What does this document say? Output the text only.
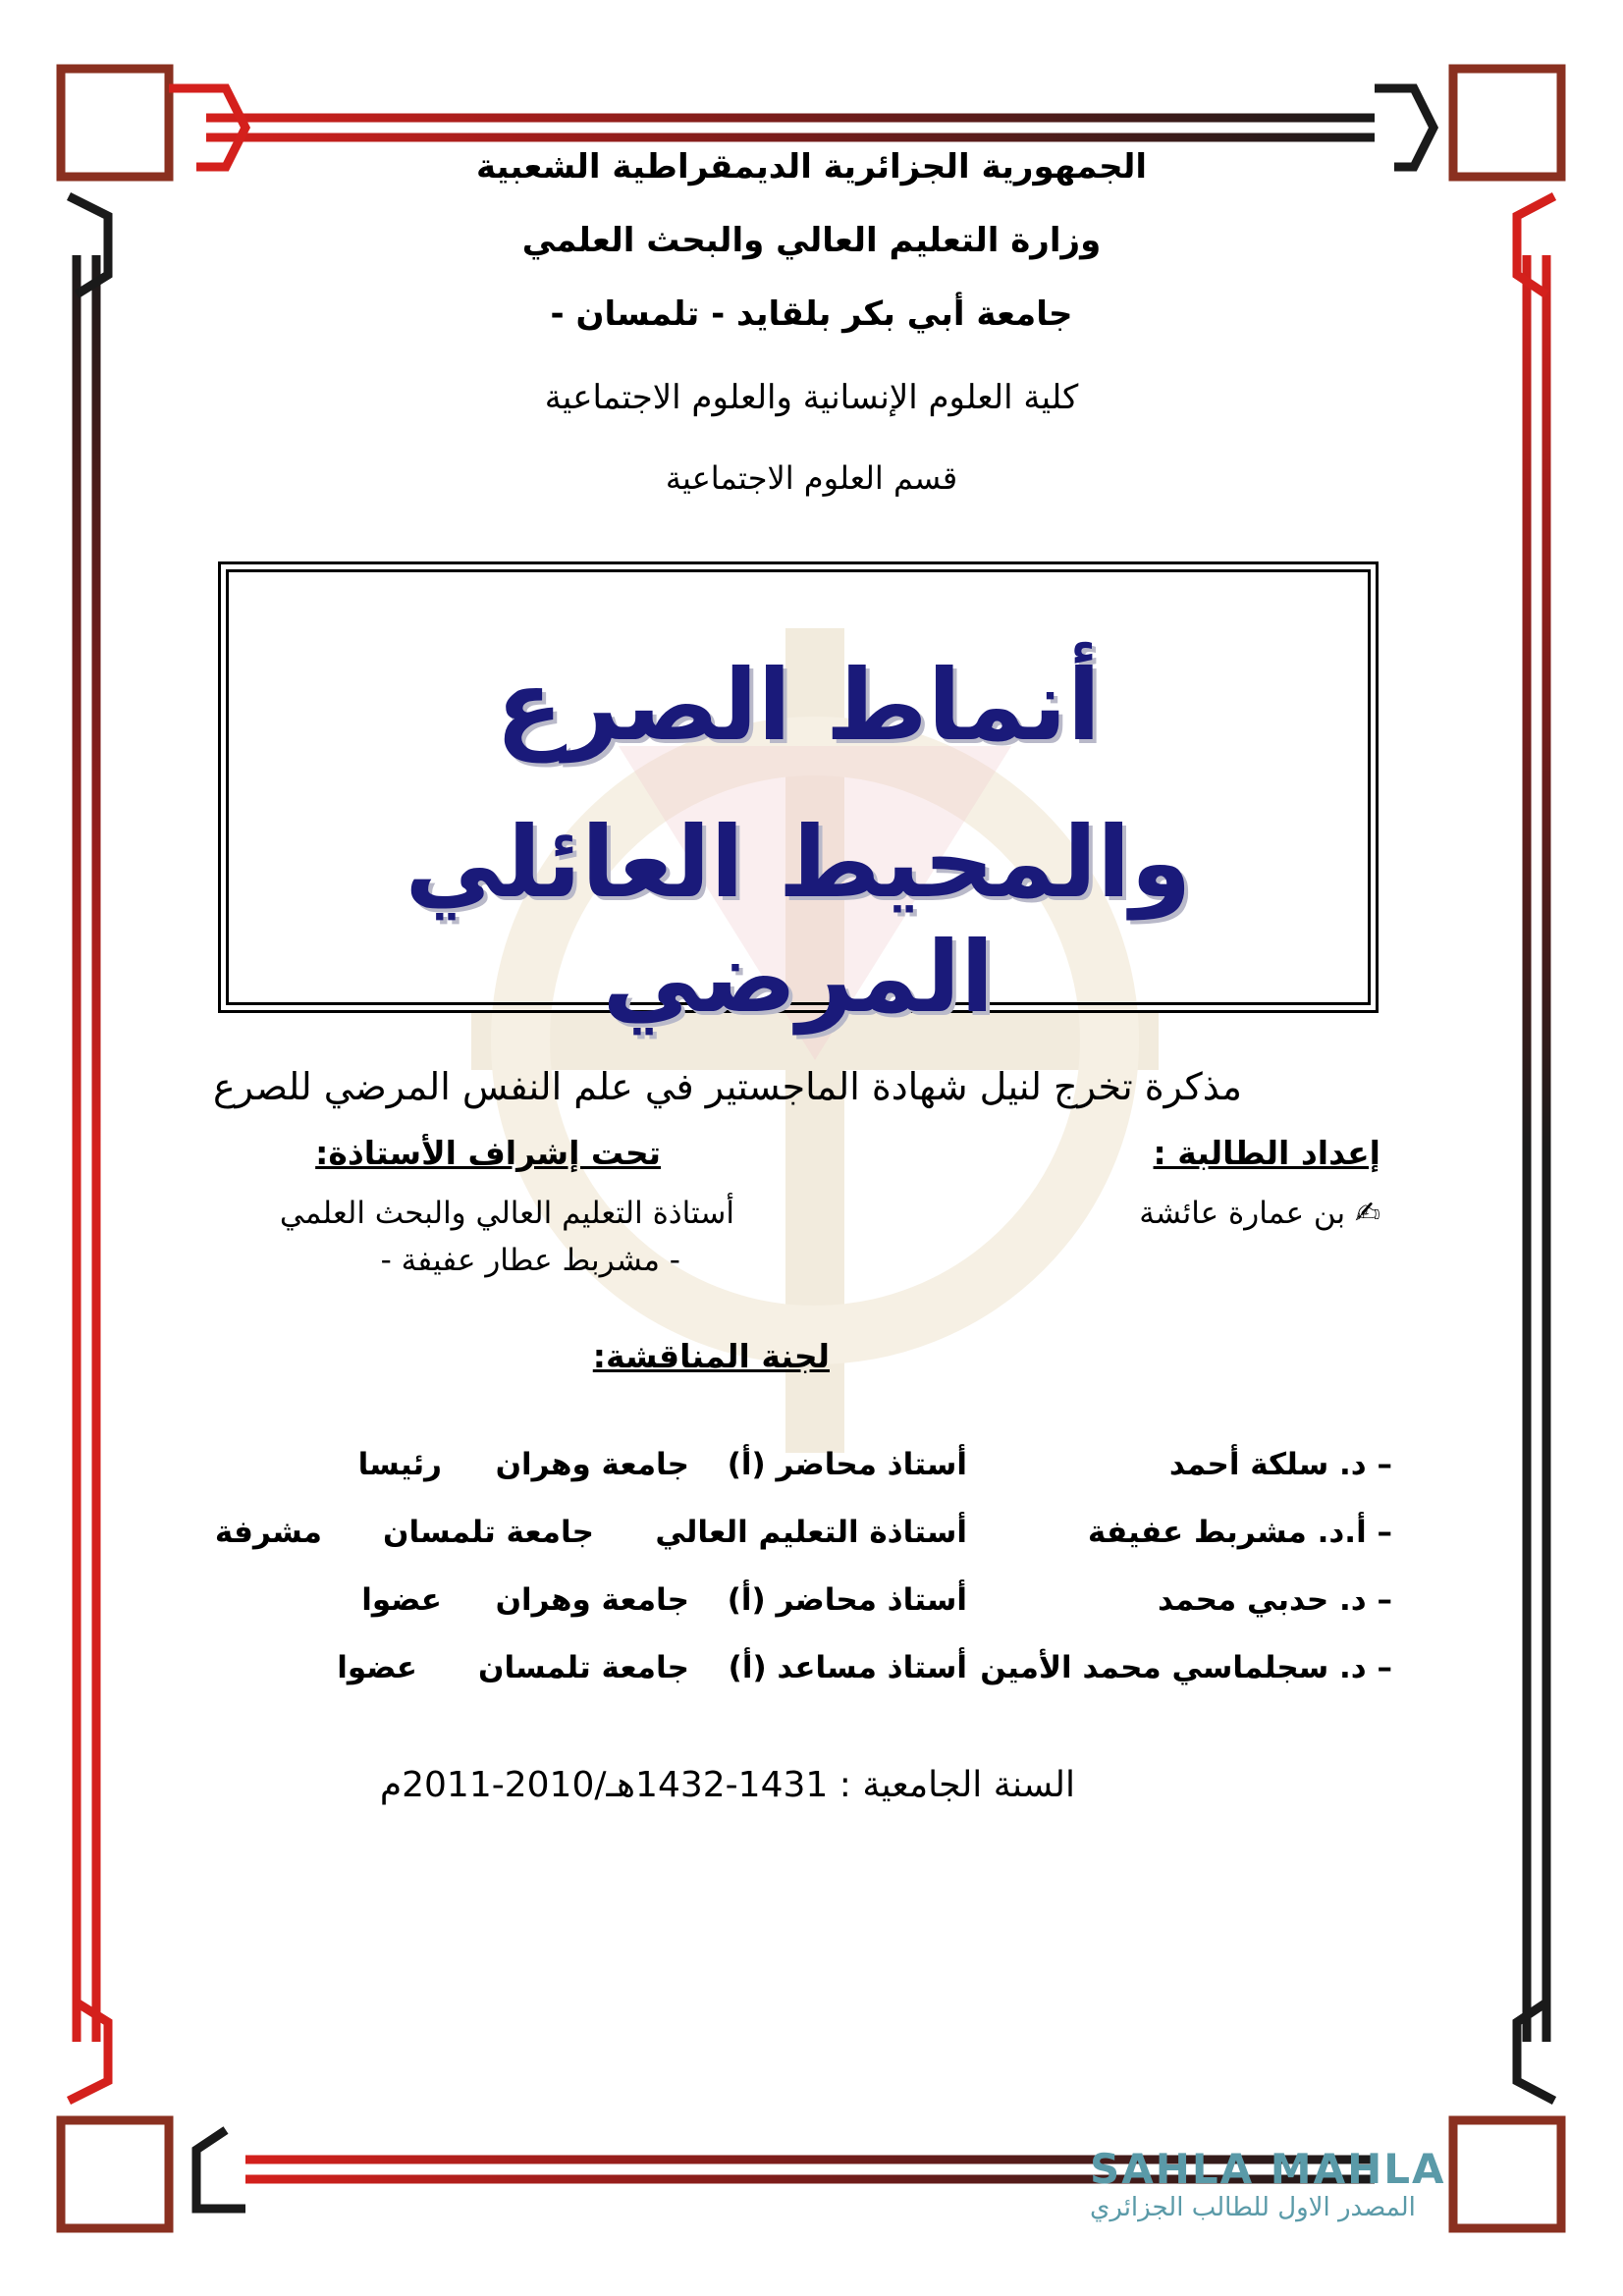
الجمهورية الجزائرية الديمقراطية الشعبية
وزارة التعليم العالي والبحث العلمي
جامعة أبي بكر بلقايد - تلمسان -
كلية العلوم الإنسانية والعلوم الاجتماعية
قسم العلوم الاجتماعية
أنماط الصرع
والمحيط العائلي المرضي
مذكرة تخرج لنيل شهادة الماجستير في علم النفس المرضي للصرع
إعداد الطالبة :
✍ بن عمارة عائشة
تحت إشراف الأستاذة:
أستاذة التعليم العالي والبحث العلمي
- مشربط عطار عفيفة -
لجنة المناقشة:
– د. سلكة أحمد
أستاذ محاضر (أ)
جامعة وهران
رئيسا
– أ.د. مشربط عفيفة
أستاذة التعليم العالي
جامعة تلمسان
مشرفة
– د. حدبي محمد
أستاذ محاضر (أ)
جامعة وهران
عضوا
– د. سجلماسي محمد الأمين
أستاذ مساعد (أ)
جامعة تلمسان
عضوا
السنة الجامعية : 1431-1432هـ/2010-2011م
SAHLA MAHLA
المصدر الاول للطالب الجزائري
